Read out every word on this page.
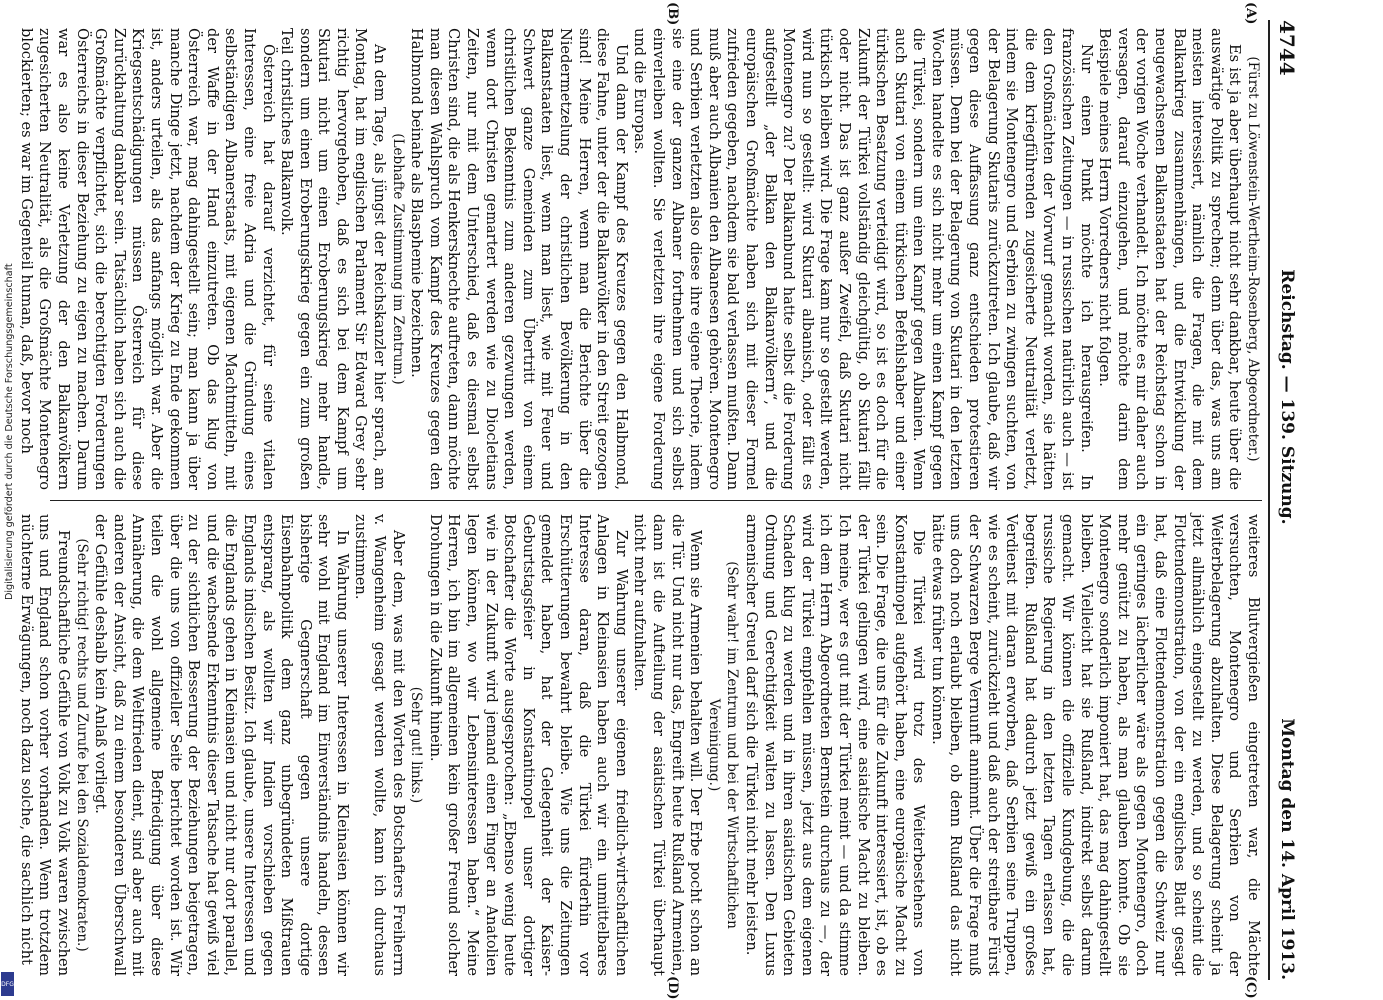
4744
Reichstag. — 139. Sitzung.
Montag den 14. April 1913.
(A)
(B)
(C)
(D)

(Fürst zu Löwenstein-Wertheim-Rosenberg, Abgeordneter.)

Es ist ja aber überhaupt nicht sehr dankbar, heute über die auswärtige Politik zu sprechen; denn über das, was uns am meisten interessiert, nämlich die Fragen, die mit dem Balkankrieg zusammenhängen, und die Entwicklung der neugewachsenen Balkanstaaten hat der Reichstag schon in der vorigen Woche verhandelt. Ich möchte es mir daher auch versagen, darauf einzugehen, und möchte darin dem Beispiele meines Herrn Vorredners nicht folgen.

Nur einen Punkt möchte ich herausgreifen. In französischen Zeitungen — in russischen natürlich auch — ist den Großmächten der Vorwurf gemacht worden, sie hätten die dem kriegführenden zugesicherte Neutralität verletzt, indem sie Montenegro und Serbien zu zwingen suchten, von der Belagerung Skutaris zurückzutreten. Ich glaube, daß wir gegen diese Auffassung ganz entschieden protestieren müssen. Denn bei der Belagerung von Skutari in den letzten Wochen handelte es sich nicht mehr um einen Kampf gegen die Türkei, sondern um einen Kampf gegen Albanien. Wenn auch Skutari von einem türkischen Befehlshaber und einer türkischen Besatzung verteidigt wird, so ist es doch für die Zukunft der Türkei vollständig gleichgültig, ob Skutari fällt oder nicht. Das ist ganz außer Zweifel, daß Skutari nicht türkisch bleiben wird. Die Frage kam nur so gestellt werden, wird nun so gestellt: wird Skutari albanisch, oder fällt es Montenegro zu? Der Balkanbund hatte selbst die Forderung aufgestellt „der Balkan den Balkanvölkern“, und die europäischen Großmächte haben sich mit dieser Formel zufrieden gegeben, nachdem sie bald verlassen mußten. Dann muß aber auch Albanien den Albanesen gehören. Montenegro und Serbien verletzten also diese ihre eigene Theorie, indem sie eine der ganzen Albaner fortnehmen und sich selbst einverleiben wollten. Sie verletzten ihre eigene Forderung und die Europas.

Und dann der Kampf des Kreuzes gegen den Halbmond, diese Fahne, unter der die Balkanvölker in den Streit gezogen sind! Meine Herren, wenn man die Berichte über die Niedermetzelung der christlichen Bevölkerung in den Balkanstaaten liest, wenn man liest, wie mit Feuer und Schwert ganze Gemeinden zum Übertritt von einem christlichen Bekenntnis zum anderen gezwungen werden, wenn dort Christen gemartert werden wie zu Diocletians Zeiten, nur mit dem Unterschied, daß es diesmal selbst Christen sind, die als Henkersknechte auftreten, dann möchte man diesen Wahlspruch vom Kampf des Kreuzes gegen den Halbmond beinahe als Blasphemie bezeichnen.

(Lebhafte Zustimmung im Zentrum.)

An dem Tage, als jüngst der Reichskanzler hier sprach, am Montag, hat im englischen Parlament Sir Edward Grey sehr richtig hervorgehoben, daß es sich bei dem Kampf um Skutari nicht um einen Eroberungskrieg mehr handle, sondern um einen Eroberungskrieg gegen ein zum großen Teil christliches Balkanvolk.

Österreich hat darauf verzichtet, für seine vitalen Interessen, eine freie Adria und die Gründung eines selbständigen Albanerstaats, mit eigenen Machtmitteln, mit der Waffe in der Hand einzutreten. Ob das klug von Österreich war, mag dahingestellt sein; man kann ja über manche Dinge jetzt, nachdem der Krieg zu Ende gekommen ist, anders urteilen, als das anfangs möglich war. Aber die Kriegsentschädigungen müssen Österreich für diese Zurückhaltung dankbar sein. Tatsächlich haben sich auch die Großmächte verpflichtet, sich die berechtigten Forderungen Österreichs in dieser Beziehung zu eigen zu machen. Darum war es also keine Verletzung der den Balkanvölkern zugesicherten Neutralität, als die Großmächte Montenegro blockierten; es war im Gegenteil human, daß, bevor noch

weiteres Blutvergießen eingetreten war, die Mächte versuchten, Montenegro und Serbien von der Weiterbelagerung abzuhalten. Diese Belagerung scheint ja jetzt allmählich eingestellt zu werden, und so scheint die Flottendemonstration, von der ein englisches Blatt gesagt hat, daß eine Flottendemonstration gegen die Schweiz nur ein geringes lächerlicher wäre als gegen Montenegro, doch mehr genützt zu haben, als man glauben konnte. Ob sie Montenegro sonderlich imponiert hat, das mag dahingestellt bleiben. Vielleicht hat sie Rußland, indirekt selbst darum gemacht. Wir können die offizielle Kundgebung, die die russische Regierung in den letzten Tagen erlassen hat, begreifen. Rußland hat dadurch jetzt gewiß ein großes Verdienst mit daran erworben, daß Serbien seine Truppen, wie es scheint, zurückzieht und daß auch der streitbare Fürst der Schwarzen Berge Vernunft annimmt. Über die Frage muß uns doch noch erlaubt bleiben, ob denn Rußland das nicht hätte etwas früher tun können.

Die Türkei wird trotz des Weiterbestehens von Konstantinopel aufgehört haben, eine europäische Macht zu sein. Die Frage, die uns für die Zukunft interessiert, ist, ob es der Türkei gelingen wird, eine asiatische Macht zu bleiben. Ich meine, wer es gut mit der Türkei meint — und da stimme ich dem Herrn Abgeordneten Bernstein durchaus zu —, der wird der Türkei empfehlen müssen, jetzt aus dem eigenen Schaden klug zu werden und in ihren asiatischen Gebieten Ordnung und Gerechtigkeit walten zu lassen. Den Luxus armenischer Greuel darf sich die Türkei nicht mehr leisten.

(Sehr wahr! im Zentrum und bei der Wirtschaftlichen Vereinigung.)

Wenn sie Armenien behalten will. Der Erbe pocht schon an die Tür. Und nicht nur das, Engreift heute Rußland Armenien, dann ist die Aufteilung der asiatischen Türkei überhaupt nicht mehr aufzuhalten.

Zur Wahrung unserer eigenen friedlich-wirtschaftlichen Anlagen in Kleinasien haben auch wir ein unmittelbares Interesse daran, daß die Türkei fürderhin vor Erschütterungen bewahrt bleibe. Wie uns die Zeitungen gemeldet haben, hat der Gelegenheit der Kaiser-Geburtstagsfeier in Konstantinopel unser dortiger Botschafter die Worte ausgesprochen: „Ebenso wenig heute wie in der Zukunft wird jemand einen Finger an Anatolien legen können, wo wir Lebensinteressen haben.“ Meine Herren, ich bin im allgemeinen kein großer Freund solcher Drohungen in die Zukunft hinein.

(Sehr gut! links.)

Aber dem, was mit den Worten des Botschafters Freiherrn v. Wangenheim gesagt werden wollte, kann ich durchaus zustimmen.

In Wahrung unserer Interessen in Kleinasien können wir sehr wohl mit England im Einverständnis handeln, dessen bisherige Gegnerschaft gegen unsere dortige Eisenbahnpolitik dem ganz unbegründeten Mißtrauen entsprang, als wollten wir Indien vorschieben gegen Englands indischen Besitz. Ich glaube, unsere Interessen und die Englands gehen in Kleinasien und nicht nur dort parallel, und die wachsende Erkenntnis dieser Tatsache hat gewiß viel zu der sichtlichen Besserung der Beziehungen beigetragen, über die uns von offizieller Seite berichtet worden ist. Wir teilen die wohl allgemeine Befriedigung über diese Annäherung, die dem Weltfrieden dient, sind aber auch mit anderen der Ansicht, daß zu einem besonderen Überschwall der Gefühle deshalb kein Anlaß vorliegt.

(Sehr richtig! rechts und Zurufe bei den Sozialdemokraten.)

Freundschaftliche Gefühle von Volk zu Volk waren zwischen uns und England schon vorher vorhanden. Wenn trotzdem nüchterne Erwägungen, noch dazu solche, die sachlich nicht

Digitalisierung gefördert durch die Deutsche Forschungsgemeinschaft
DFG
